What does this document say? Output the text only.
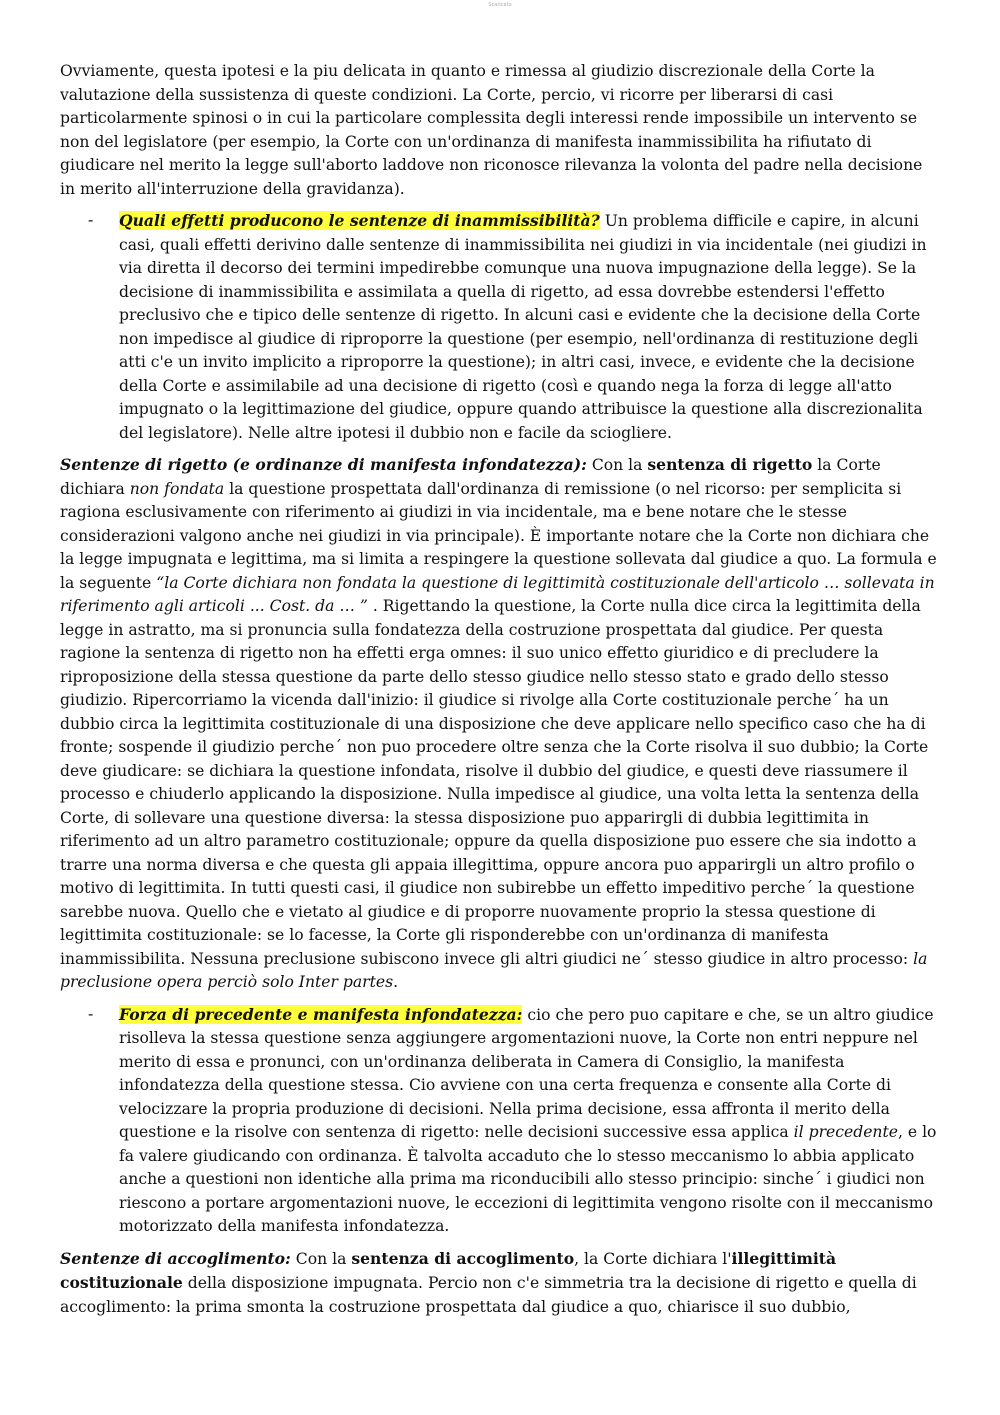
Scaricato

Ovviamente, questa ipotesi e la piu delicata in quanto e rimessa al giudizio discrezionale della Corte la valutazione della sussistenza di queste condizioni. La Corte, percio, vi ricorre per liberarsi di casi particolarmente spinosi o in cui la particolare complessita degli interessi rende impossibile un intervento se non del legislatore (per esempio, la Corte con un'ordinanza di manifesta inammissibilita ha rifiutato di giudicare nel merito la legge sull'aborto laddove non riconosce rilevanza la volonta del padre nella decisione in merito all'interruzione della gravidanza).

- Quali effetti producono le sentenze di inammissibilità? Un problema difficile e capire, in alcuni casi, quali effetti derivino dalle sentenze di inammissibilita nei giudizi in via incidentale (nei giudizi in via diretta il decorso dei termini impedirebbe comunque una nuova impugnazione della legge). Se la decisione di inammissibilita e assimilata a quella di rigetto, ad essa dovrebbe estendersi l'effetto preclusivo che e tipico delle sentenze di rigetto. In alcuni casi e evidente che la decisione della Corte non impedisce al giudice di riproporre la questione (per esempio, nell'ordinanza di restituzione degli atti c'e un invito implicito a riproporre la questione); in altri casi, invece, e evidente che la decisione della Corte e assimilabile ad una decisione di rigetto (così e quando nega la forza di legge all'atto impugnato o la legittimazione del giudice, oppure quando attribuisce la questione alla discrezionalita del legislatore). Nelle altre ipotesi il dubbio non e facile da sciogliere.

Sentenze di rigetto (e ordinanze di manifesta infondatezza): Con la sentenza di rigetto la Corte dichiara non fondata la questione prospettata dall'ordinanza di remissione (o nel ricorso: per semplicita si ragiona esclusivamente con riferimento ai giudizi in via incidentale, ma e bene notare che le stesse considerazioni valgono anche nei giudizi in via principale). È importante notare che la Corte non dichiara che la legge impugnata e legittima, ma si limita a respingere la questione sollevata dal giudice a quo. La formula e la seguente “la Corte dichiara non fondata la questione di legittimità costituzionale dell'articolo … sollevata in riferimento agli articoli ... Cost. da … ” . Rigettando la questione, la Corte nulla dice circa la legittimita della legge in astratto, ma si pronuncia sulla fondatezza della costruzione prospettata dal giudice. Per questa ragione la sentenza di rigetto non ha effetti erga omnes: il suo unico effetto giuridico e di precludere la riproposizione della stessa questione da parte dello stesso giudice nello stesso stato e grado dello stesso giudizio. Ripercorriamo la vicenda dall'inizio: il giudice si rivolge alla Corte costituzionale perche´ ha un dubbio circa la legittimita costituzionale di una disposizione che deve applicare nello specifico caso che ha di fronte; sospende il giudizio perche´ non puo procedere oltre senza che la Corte risolva il suo dubbio; la Corte deve giudicare: se dichiara la questione infondata, risolve il dubbio del giudice, e questi deve riassumere il processo e chiuderlo applicando la disposizione. Nulla impedisce al giudice, una volta letta la sentenza della Corte, di sollevare una questione diversa: la stessa disposizione puo apparirgli di dubbia legittimita in riferimento ad un altro parametro costituzionale; oppure da quella disposizione puo essere che sia indotto a trarre una norma diversa e che questa gli appaia illegittima, oppure ancora puo apparirgli un altro profilo o motivo di legittimita. In tutti questi casi, il giudice non subirebbe un effetto impeditivo perche´ la questione sarebbe nuova. Quello che e vietato al giudice e di proporre nuovamente proprio la stessa questione di legittimita costituzionale: se lo facesse, la Corte gli risponderebbe con un'ordinanza di manifesta inammissibilita. Nessuna preclusione subiscono invece gli altri giudici ne´ stesso giudice in altro processo: la preclusione opera perciò solo Inter partes.

- Forza di precedente e manifesta infondatezza: cio che pero puo capitare e che, se un altro giudice risolleva la stessa questione senza aggiungere argomentazioni nuove, la Corte non entri neppure nel merito di essa e pronunci, con un'ordinanza deliberata in Camera di Consiglio, la manifesta infondatezza della questione stessa. Cio avviene con una certa frequenza e consente alla Corte di velocizzare la propria produzione di decisioni. Nella prima decisione, essa affronta il merito della questione e la risolve con sentenza di rigetto: nelle decisioni successive essa applica il precedente, e lo fa valere giudicando con ordinanza. È talvolta accaduto che lo stesso meccanismo lo abbia applicato anche a questioni non identiche alla prima ma riconducibili allo stesso principio: sinche´ i giudici non riescono a portare argomentazioni nuove, le eccezioni di legittimita vengono risolte con il meccanismo motorizzato della manifesta infondatezza.

Sentenze di accoglimento: Con la sentenza di accoglimento, la Corte dichiara l'illegittimità costituzionale della disposizione impugnata. Percio non c'e simmetria tra la decisione di rigetto e quella di accoglimento: la prima smonta la costruzione prospettata dal giudice a quo, chiarisce il suo dubbio,
